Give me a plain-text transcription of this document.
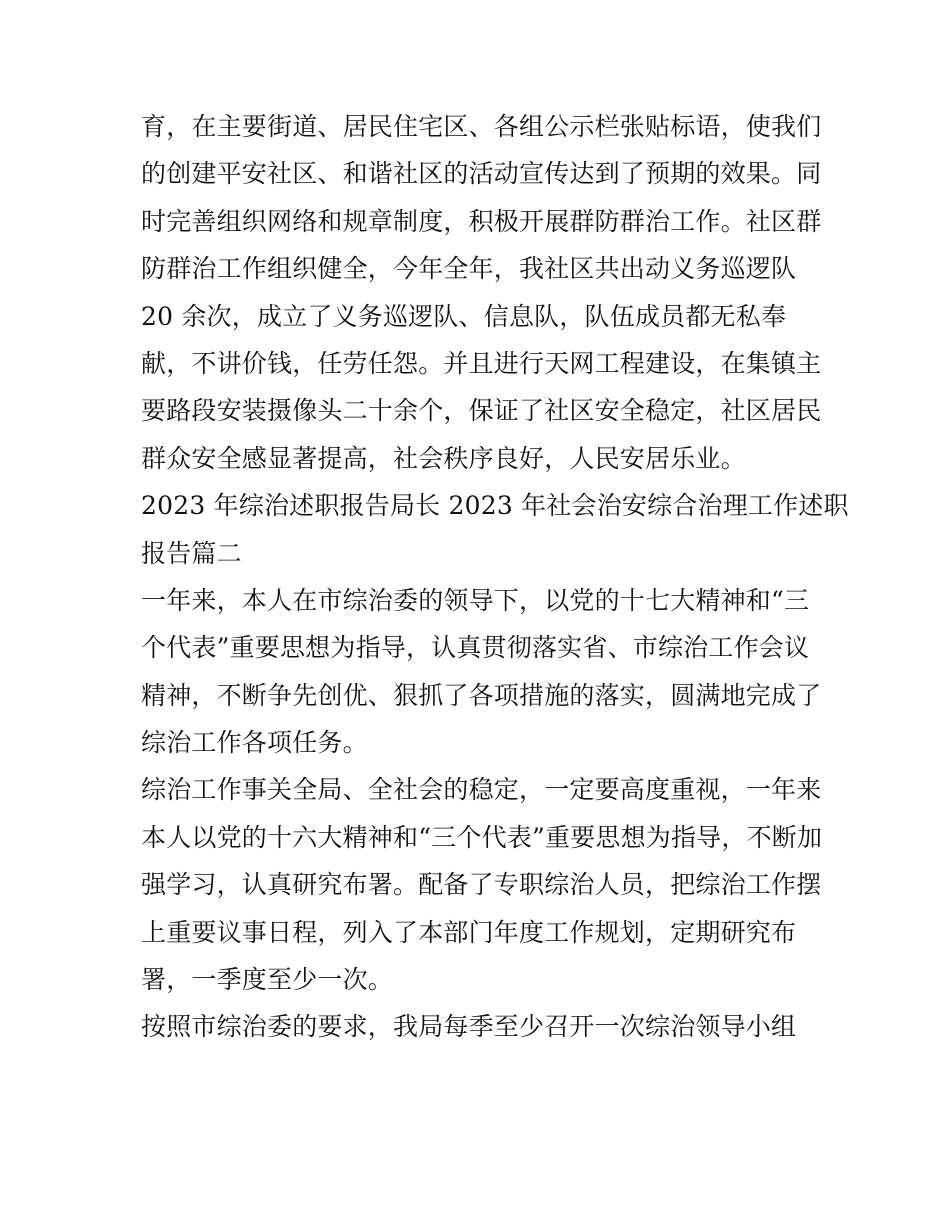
育，在主要街道、居民住宅区、各组公示栏张贴标语，使我们
的创建平安社区、和谐社区的活动宣传达到了预期的效果。同
时完善组织网络和规章制度，积极开展群防群治工作。社区群
防群治工作组织健全，今年全年，我社区共出动义务巡逻队
20 余次，成立了义务巡逻队、信息队，队伍成员都无私奉
献，不讲价钱，任劳任怨。并且进行天网工程建设，在集镇主
要路段安装摄像头二十余个，保证了社区安全稳定，社区居民
群众安全感显著提高，社会秩序良好，人民安居乐业。
2023 年综治述职报告局长 2023 年社会治安综合治理工作述职
报告篇二
一年来，本人在市综治委的领导下，以党的十七大精神和“三
个代表”重要思想为指导，认真贯彻落实省、市综治工作会议
精神，不断争先创优、狠抓了各项措施的落实，圆满地完成了
综治工作各项任务。
综治工作事关全局、全社会的稳定，一定要高度重视，一年来
本人以党的十六大精神和“三个代表”重要思想为指导，不断加
强学习，认真研究布署。配备了专职综治人员，把综治工作摆
上重要议事日程，列入了本部门年度工作规划，定期研究布
署，一季度至少一次。
按照市综治委的要求，我局每季至少召开一次综治领导小组
